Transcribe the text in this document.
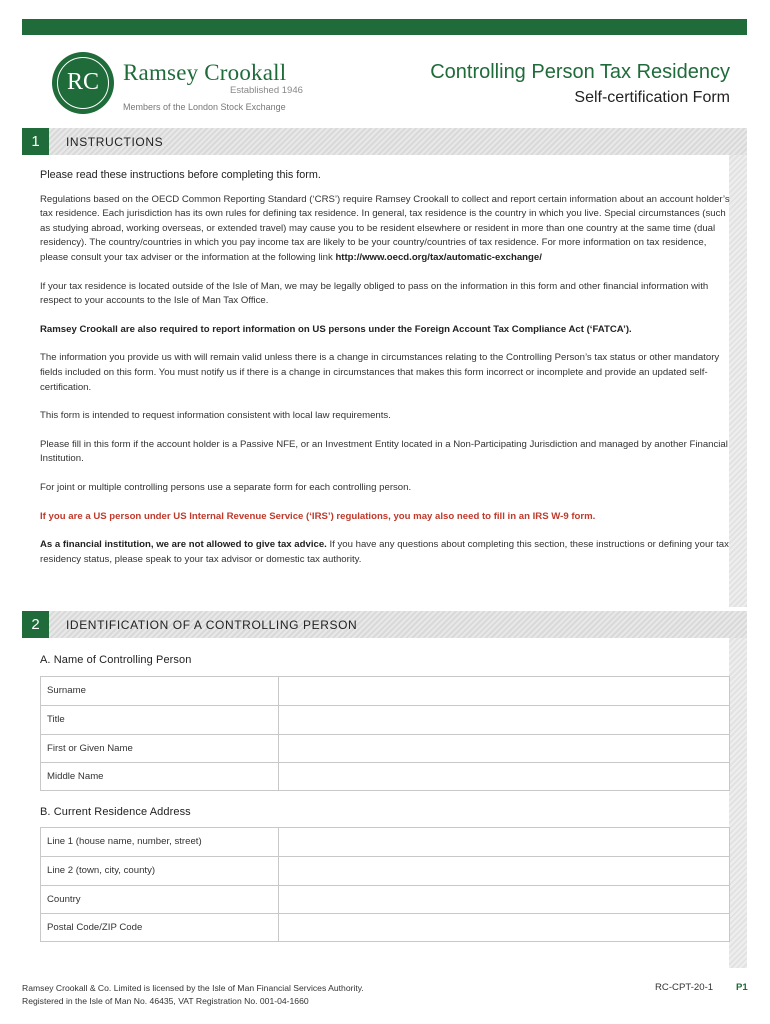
RC	Ramsey Crookall
Established 1946
Members of the London Stock Exchange
Controlling Person Tax Residency
Self-certification Form
1	INSTRUCTIONS

Please read these instructions before completing this form.

Regulations based on the OECD Common Reporting Standard (‘CRS’) require Ramsey Crookall to collect and report certain information about an account holder’s tax residence. Each jurisdiction has its own rules for defining tax residence. In general, tax residence is the country in which you live. Special circumstances (such as studying abroad, working overseas, or extended travel) may cause you to be resident elsewhere or resident in more than one country at the same time (dual residency). The country/countries in which you pay income tax are likely to be your country/countries of tax residence. For more information on tax residence, please consult your tax adviser or the information at the following link http://www.oecd.org/tax/automatic-exchange/

If your tax residence is located outside of the Isle of Man, we may be legally obliged to pass on the information in this form and other financial information with respect to your accounts to the Isle of Man Tax Office.

Ramsey Crookall are also required to report information on US persons under the Foreign Account Tax Compliance Act (‘FATCA’).

The information you provide us with will remain valid unless there is a change in circumstances relating to the Controlling Person’s tax status or other mandatory fields included on this form. You must notify us if there is a change in circumstances that makes this form incorrect or incomplete and provide an updated self-certification.

This form is intended to request information consistent with local law requirements.

Please fill in this form if the account holder is a Passive NFE, or an Investment Entity located in a Non-Participating Jurisdiction and managed by another Financial Institution.

For joint or multiple controlling persons use a separate form for each controlling person.

If you are a US person under US Internal Revenue Service (‘IRS’) regulations, you may also need to fill in an IRS W-9 form.

As a financial institution, we are not allowed to give tax advice. If you have any questions about completing this section, these instructions or defining your tax residency status, please speak to your tax advisor or domestic tax authority.

2	IDENTIFICATION OF A CONTROLLING PERSON
A. Name of Controlling Person
Surname
Title
First or Given Name
Middle Name
B. Current Residence Address
Line 1 (house name, number, street)
Line 2 (town, city, county)
Country
Postal Code/ZIP Code
Ramsey Crookall & Co. Limited is licensed by the Isle of Man Financial Services Authority.
Registered in the Isle of Man No. 46435, VAT Registration No. 001-04-1660
RC-CPT-20-1 P1
